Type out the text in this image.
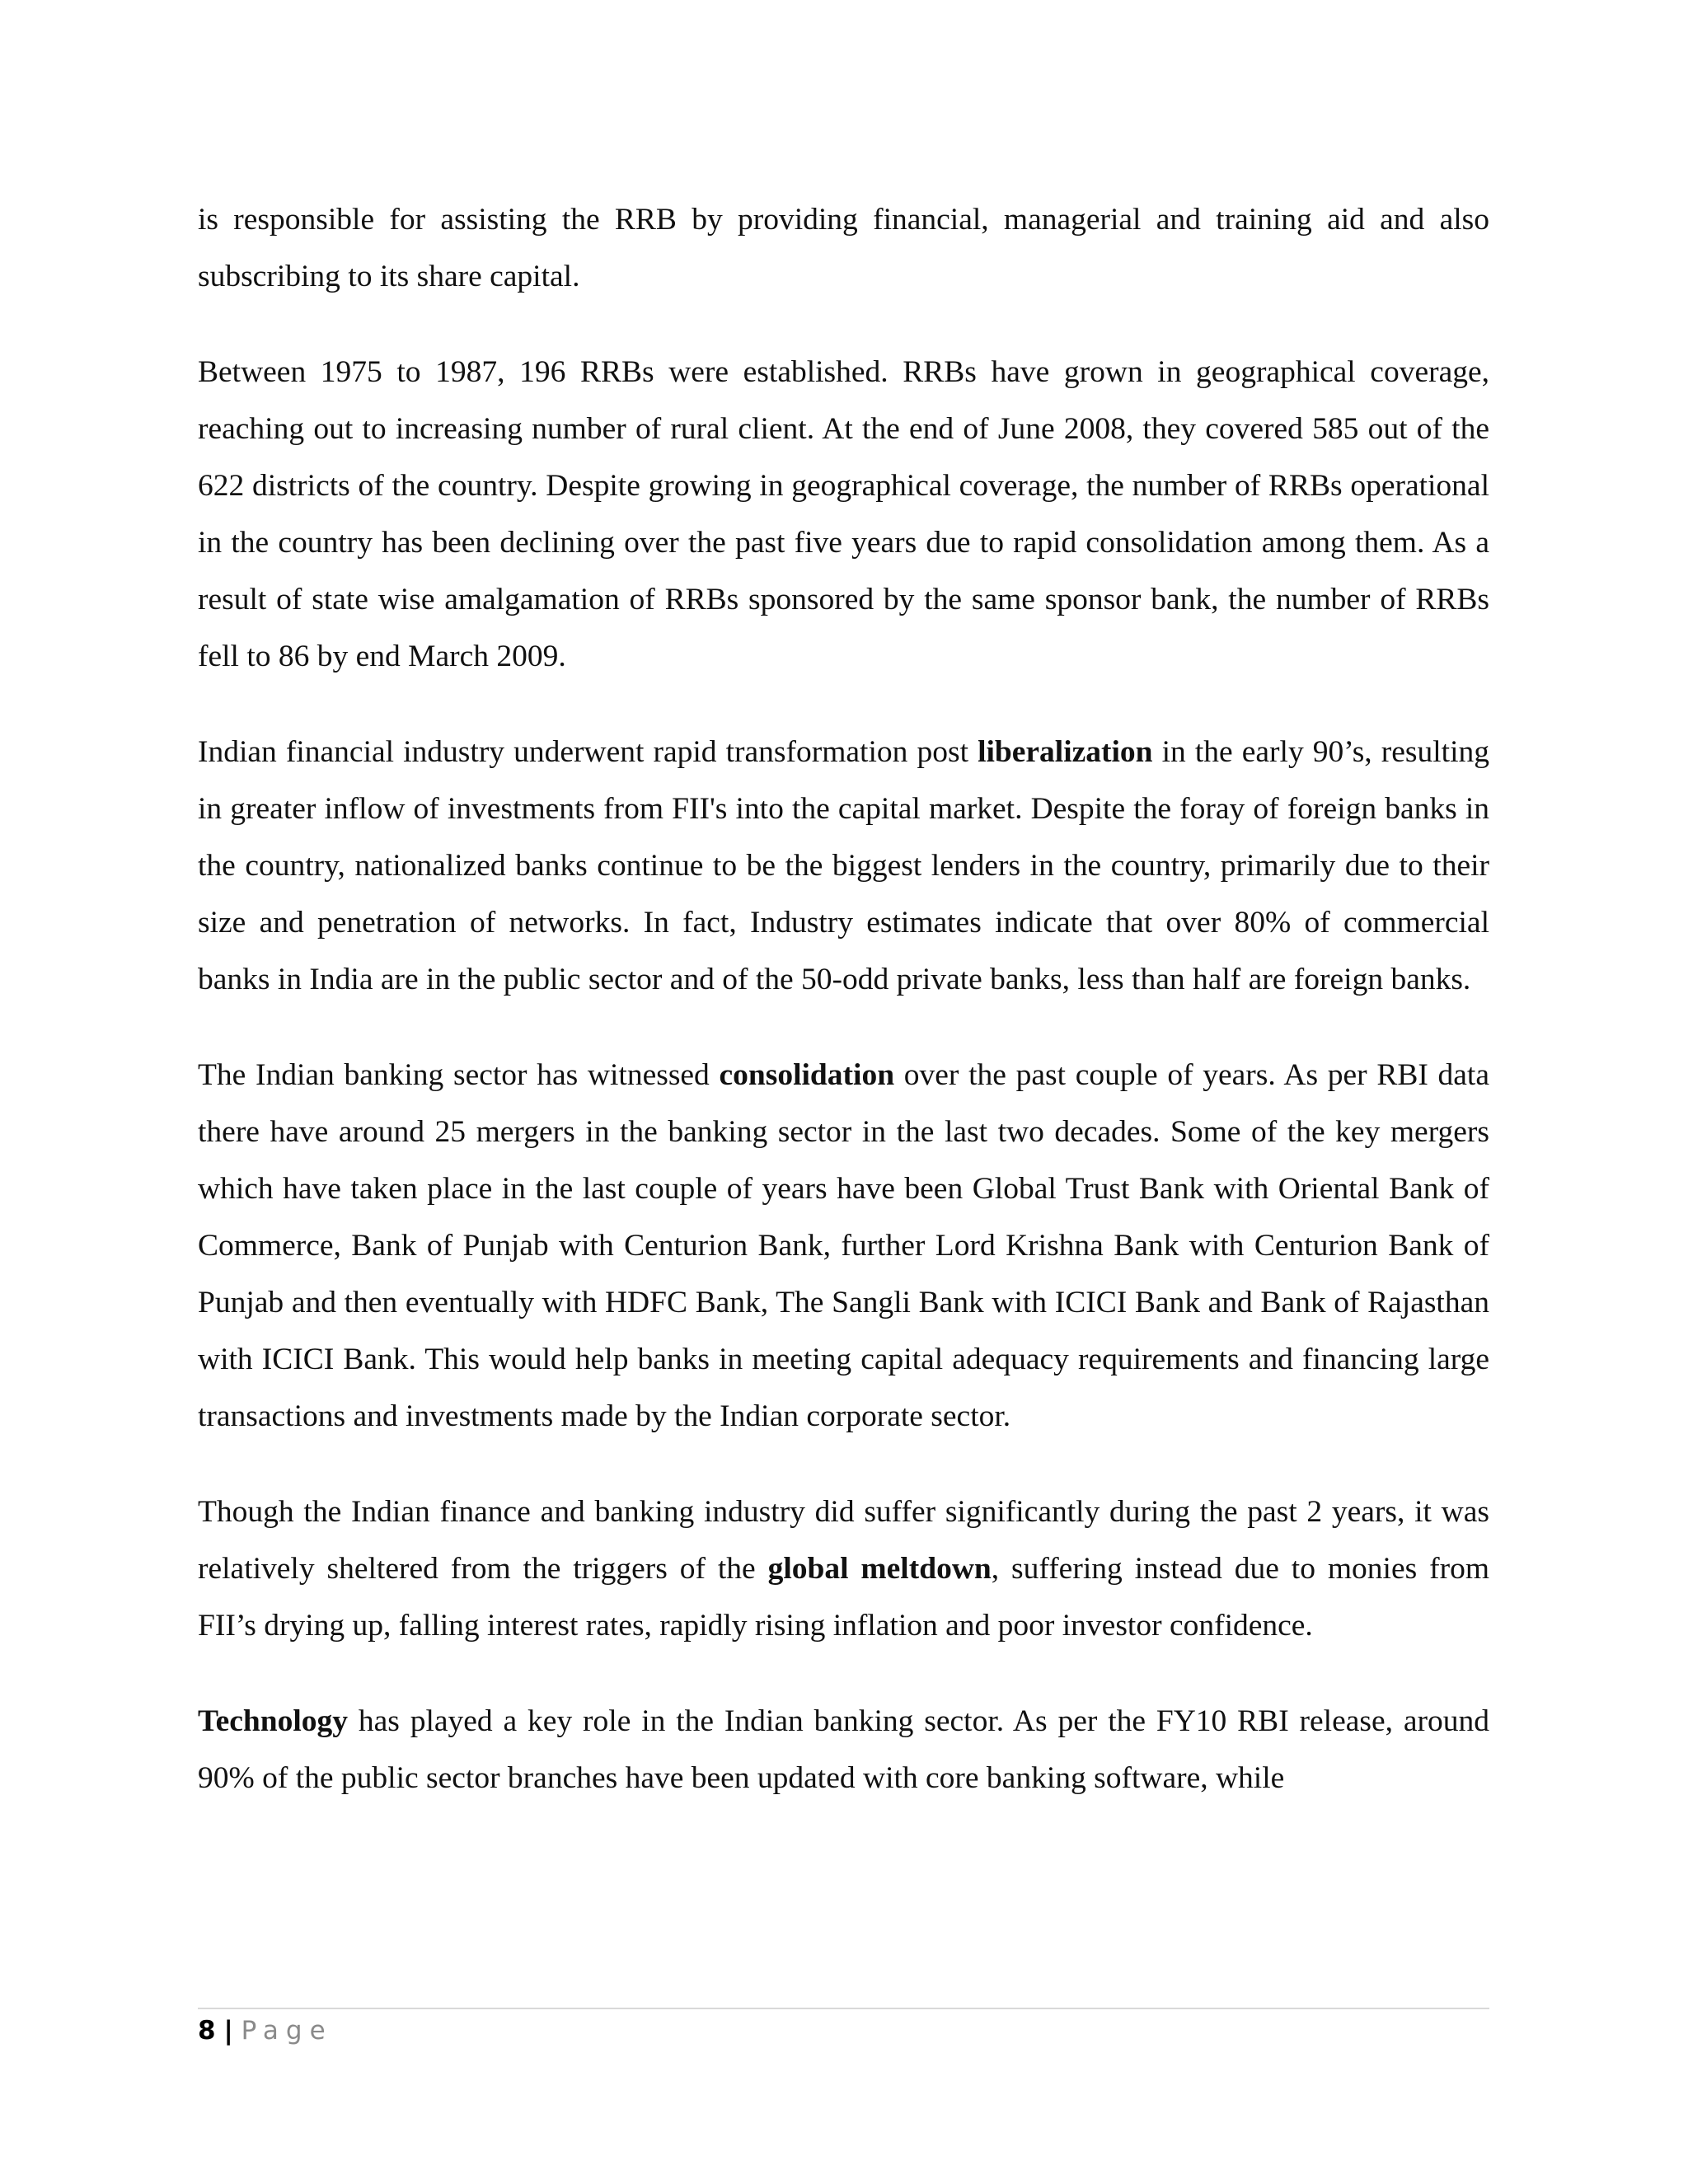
is responsible for assisting the RRB by providing financial, managerial and training aid and also subscribing to its share capital.

Between 1975 to 1987, 196 RRBs were established. RRBs have grown in geographical coverage, reaching out to increasing number of rural client. At the end of June 2008, they covered 585 out of the 622 districts of the country. Despite growing in geographical coverage, the number of RRBs operational in the country has been declining over the past five years due to rapid consolidation among them. As a result of state wise amalgamation of RRBs sponsored by the same sponsor bank, the number of RRBs fell to 86 by end March 2009.

Indian financial industry underwent rapid transformation post liberalization in the early 90’s, resulting in greater inflow of investments from FII's into the capital market. Despite the foray of foreign banks in the country, nationalized banks continue to be the biggest lenders in the country, primarily due to their size and penetration of networks. In fact, Industry estimates indicate that over 80% of commercial banks in India are in the public sector and of the 50-odd private banks, less than half are foreign banks.

The Indian banking sector has witnessed consolidation over the past couple of years. As per RBI data there have around 25 mergers in the banking sector in the last two decades. Some of the key mergers which have taken place in the last couple of years have been Global Trust Bank with Oriental Bank of Commerce, Bank of Punjab with Centurion Bank, further Lord Krishna Bank with Centurion Bank of Punjab and then eventually with HDFC Bank, The Sangli Bank with ICICI Bank and Bank of Rajasthan with ICICI Bank. This would help banks in meeting capital adequacy requirements and financing large transactions and investments made by the Indian corporate sector.

Though the Indian finance and banking industry did suffer significantly during the past 2 years, it was relatively sheltered from the triggers of the global meltdown, suffering instead due to monies from FII’s drying up, falling interest rates, rapidly rising inflation and poor investor confidence.

Technology has played a key role in the Indian banking sector. As per the FY10 RBI release, around 90% of the public sector branches have been updated with core banking software, while

8 | Page
